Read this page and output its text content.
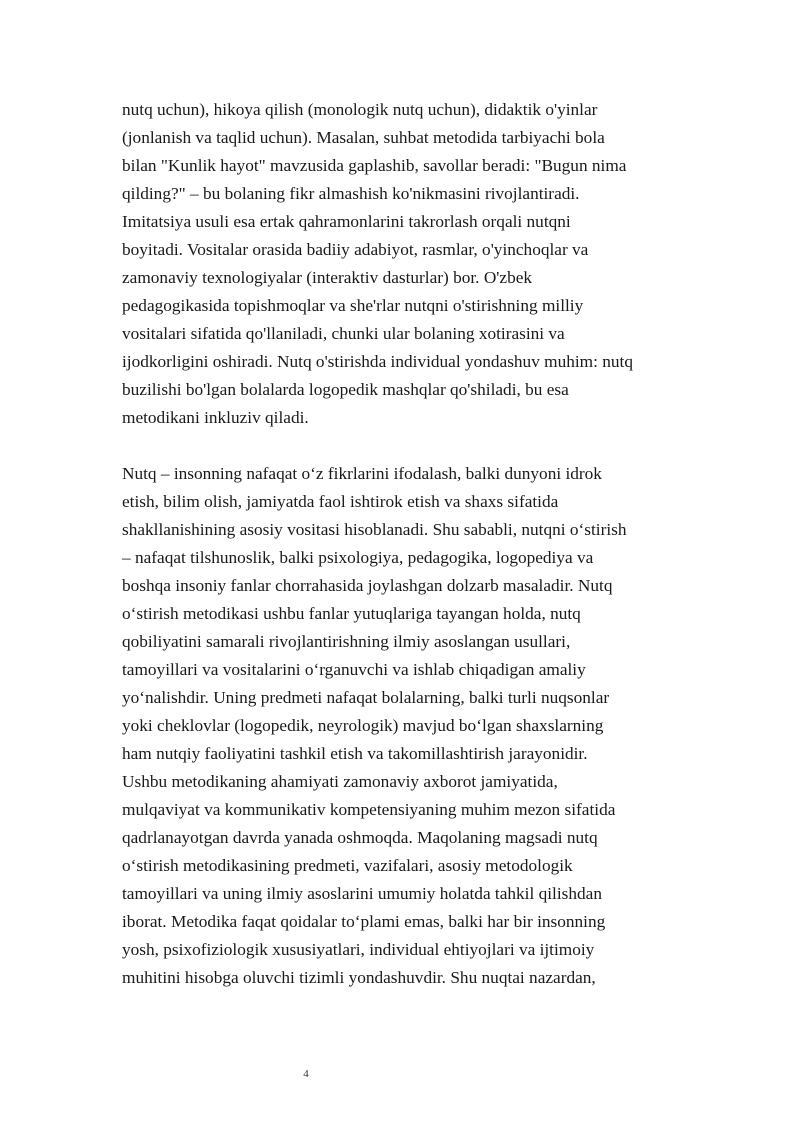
nutq uchun), hikoya qilish (monologik nutq uchun), didaktik o'yinlar
(jonlanish va taqlid uchun). Masalan, suhbat metodida tarbiyachi bola
bilan "Kunlik hayot" mavzusida gaplashib, savollar beradi: "Bugun nima
qilding?" – bu bolaning fikr almashish ko'nikmasini rivojlantiradi.
Imitatsiya usuli esa ertak qahramonlarini takrorlash orqali nutqni
boyitadi. Vositalar orasida badiiy adabiyot, rasmlar, o'yinchoqlar va
zamonaviy texnologiyalar (interaktiv dasturlar) bor. O'zbek
pedagogikasida topishmoqlar va she'rlar nutqni o'stirishning milliy
vositalari sifatida qo'llaniladi, chunki ular bolaning xotirasini va
ijodkorligini oshiradi. Nutq o'stirishda individual yondashuv muhim: nutq
buzilishi bo'lgan bolalarda logopedik mashqlar qo'shiladi, bu esa
metodikani inkluziv qiladi.

Nutq – insonning nafaqat oʻz fikrlarini ifodalash, balki dunyoni idrok
etish, bilim olish, jamiyatda faol ishtirok etish va shaxs sifatida
shakllanishining asosiy vositasi hisoblanadi. Shu sababli, nutqni oʻstirish
– nafaqat tilshunoslik, balki psixologiya, pedagogika, logopediya va
boshqa insoniy fanlar chorrahasida joylashgan dolzarb masaladir. Nutq
oʻstirish metodikasi ushbu fanlar yutuqlariga tayangan holda, nutq
qobiliyatini samarali rivojlantirishning ilmiy asoslangan usullari,
tamoyillari va vositalarini oʻrganuvchi va ishlab chiqadigan amaliy
yoʻnalishdir. Uning predmeti nafaqat bolalarning, balki turli nuqsonlar
yoki cheklovlar (logopedik, neyrologik) mavjud boʻlgan shaxslarning
ham nutqiy faoliyatini tashkil etish va takomillashtirish jarayonidir.
Ushbu metodikaning ahamiyati zamonaviy axborot jamiyatida,
mulqaviyat va kommunikativ kompetensiyaning muhim mezon sifatida
qadrlanayotgan davrda yanada oshmoqda. Maqolaning magsadi nutq
oʻstirish metodikasining predmeti, vazifalari, asosiy metodologik
tamoyillari va uning ilmiy asoslarini umumiy holatda tahkil qilishdan
iborat. Metodika faqat qoidalar toʻplami emas, balki har bir insonning
yosh, psixofiziologik xususiyatlari, individual ehtiyojlari va ijtimoiy
muhitini hisobga oluvchi tizimli yondashuvdir. Shu nuqtai nazardan,

4
